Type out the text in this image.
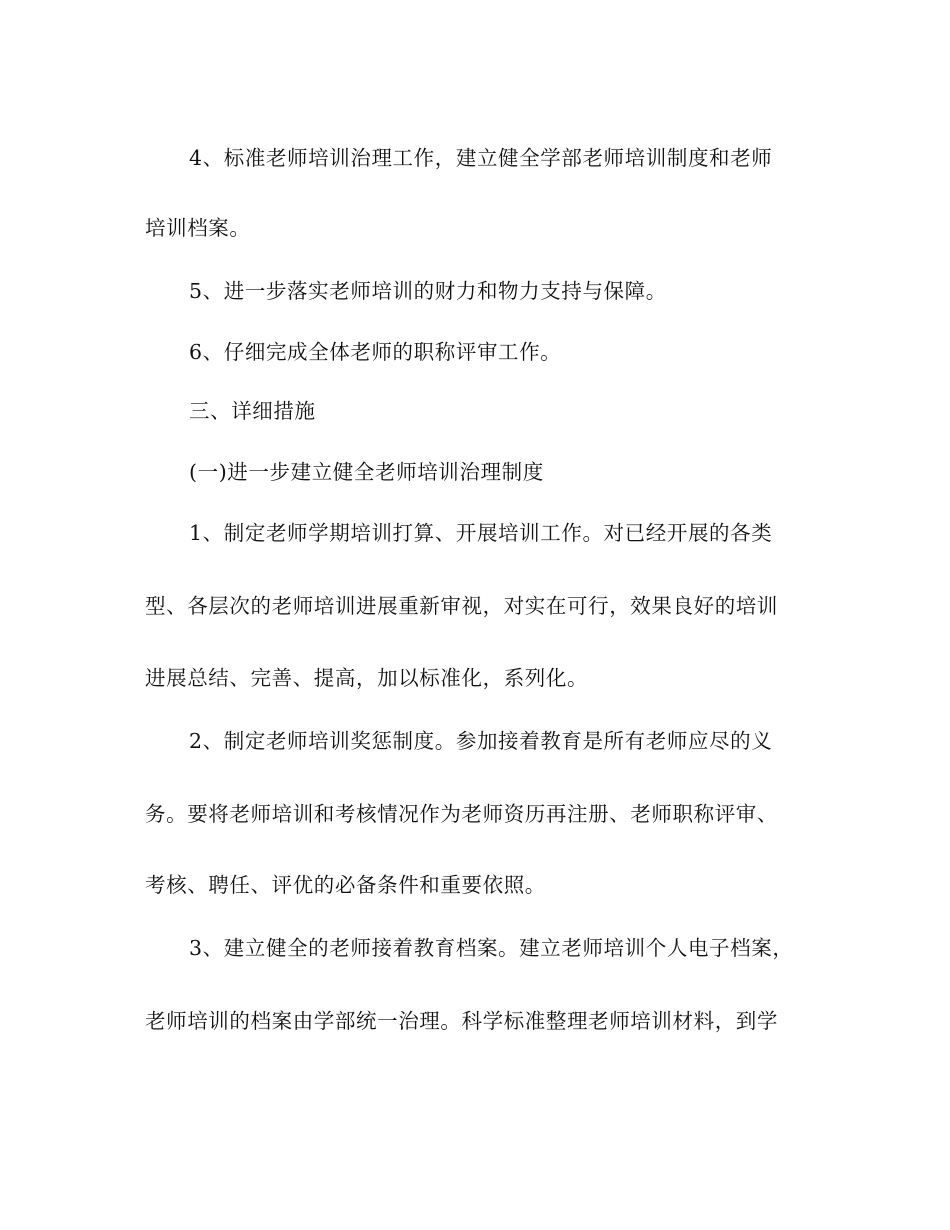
4、标准老师培训治理工作，建立健全学部老师培训制度和老师

培训档案。

5、进一步落实老师培训的财力和物力支持与保障。

6、仔细完成全体老师的职称评审工作。

三、详细措施

(一)进一步建立健全老师培训治理制度

1、制定老师学期培训打算、开展培训工作。对已经开展的各类

型、各层次的老师培训进展重新审视，对实在可行，效果良好的培训

进展总结、完善、提高，加以标准化，系列化。

2、制定老师培训奖惩制度。参加接着教育是所有老师应尽的义

务。要将老师培训和考核情况作为老师资历再注册、老师职称评审、

考核、聘任、评优的必备条件和重要依照。

3、建立健全的老师接着教育档案。建立老师培训个人电子档案，

老师培训的档案由学部统一治理。科学标准整理老师培训材料，到学
